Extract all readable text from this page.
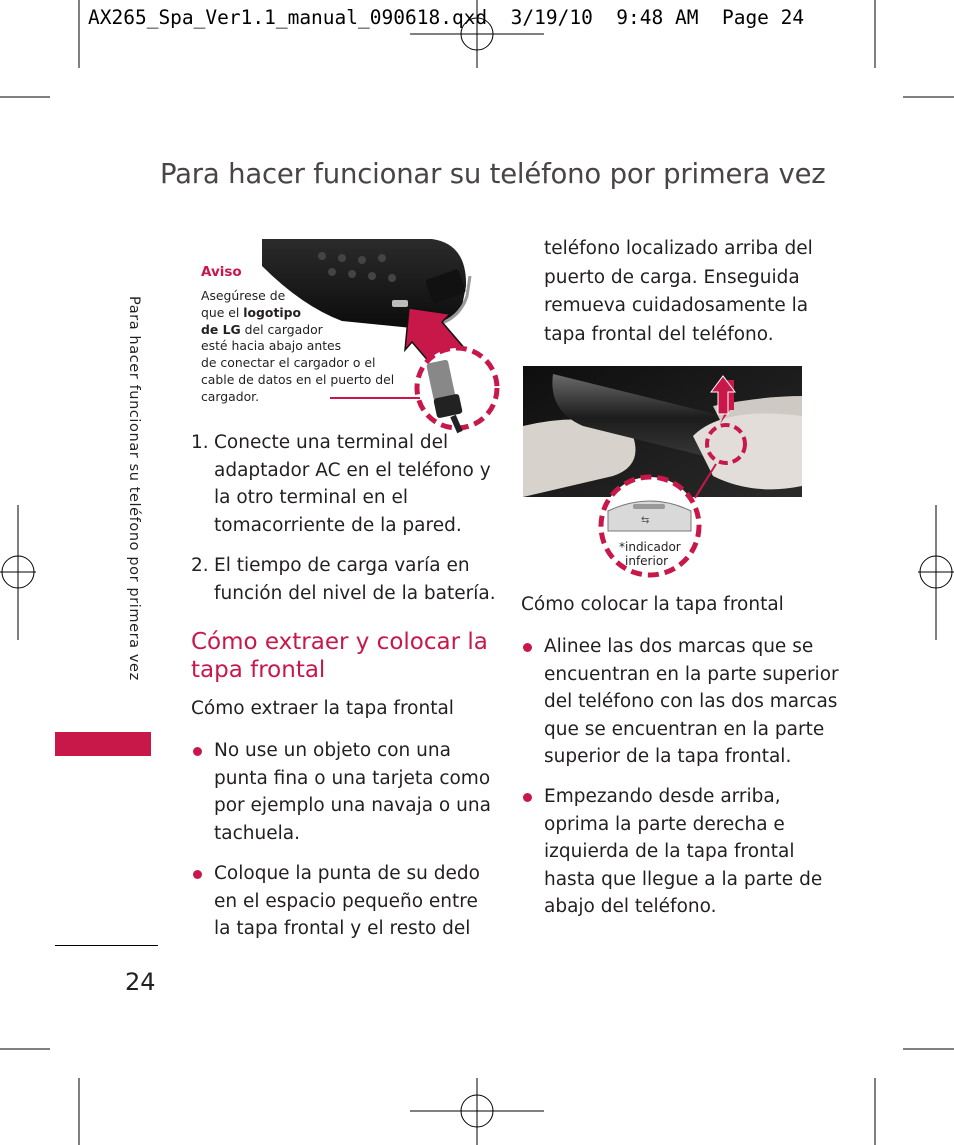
AX265_Spa_Ver1.1_manual_090618.qxd  3/19/10  9:48 AM  Page 24
Para hacer funcionar su teléfono por primera vez
Para hacer funcionar su teléfono por primera vez
Aviso
Asegúrese de
que el logotipo
de LG del cargador
esté hacia abajo antes
de conectar el cargador o el
cable de datos en el puerto del
cargador.
1. Conecte una terminal del
adaptador AC en el teléfono y
la otro terminal en el
tomacorriente de la pared.
2. El tiempo de carga varía en
función del nivel de la batería.
Cómo extraer y colocar la
tapa frontal
Cómo extraer la tapa frontal
No use un objeto con una
punta fina o una tarjeta como
por ejemplo una navaja o una
tachuela.
Coloque la punta de su dedo
en el espacio pequeño entre
la tapa frontal y el resto del
24
teléfono localizado arriba del
puerto de carga. Enseguida
remueva cuidadosamente la
tapa frontal del teléfono.
⇆
*indicador
inferior
Cómo colocar la tapa frontal
Alinee las dos marcas que se
encuentran en la parte superior
del teléfono con las dos marcas
que se encuentran en la parte
superior de la tapa frontal.
Empezando desde arriba,
oprima la parte derecha e
izquierda de la tapa frontal
hasta que llegue a la parte de
abajo del teléfono.
